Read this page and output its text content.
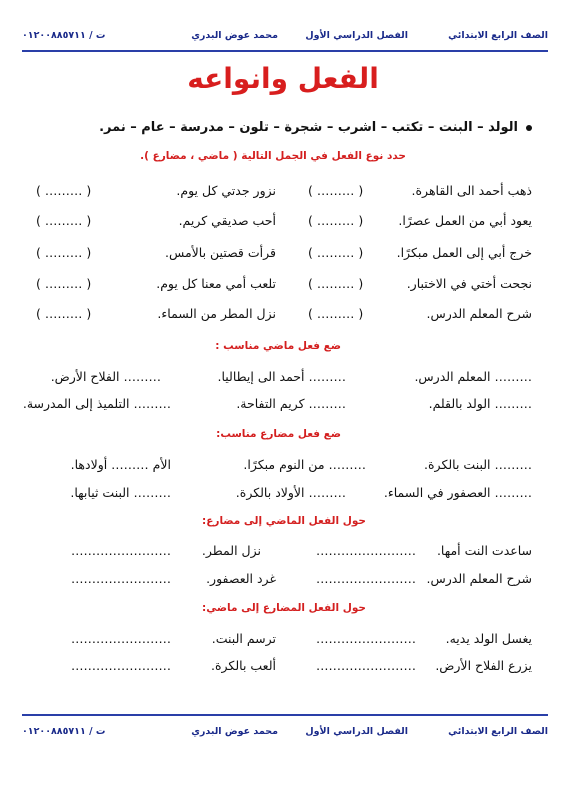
الصف الرابع الابتدائي
الفصل الدراسي الأول
محمد عوض البدري
ت / ٠١٢٠٠٨٨٥٧١١
الفعل وانواعه
الولد – البنت – تكتب – اشرب – شجرة – تلون – مدرسة – عام – نمر.
حدد نوع الفعل في الجمل التالية ( ماضي ، مضارع ).
ذهب أحمد الى القاهرة.
( ……… )
نزور جدتي كل يوم.
( ……… )
يعود أبي من العمل عصرًا.
( ……… )
أحب صديقي كريم.
( ……… )
خرج أبي إلى العمل مبكرًا.
( ……… )
قرأت قصتين بالأمس.
( ……… )
نجحت أختي في الاختبار.
( ……… )
تلعب أمي معنا كل يوم.
( ……… )
شرح المعلم الدرس.
( ……… )
نزل المطر من السماء.
( ……… )
ضع فعل ماضي مناسب :
……… المعلم الدرس.
……… أحمد الى إيطاليا.
……… الفلاح الأرض.
……… الولد بالقلم.
……… كريم التفاحة.
……… التلميذ إلى المدرسة.
ضع فعل مضارع مناسب:
……… البنت بالكرة.
……… من النوم مبكرًا.
الأم ……… أولادها.
……… العصفور في السماء.
……… الأولاد بالكرة.
……… البنت ثيابها.
حول الفعل الماضي إلى مضارع:
ساعدت النت أمها.
……………………
نزل المطر.
……………………
شرح المعلم الدرس.
……………………
غرد العصفور.
……………………
حول الفعل المضارع إلى ماضي:
يغسل الولد يديه.
……………………
ترسم البنت.
……………………
يزرع الفلاح الأرض.
……………………
ألعب بالكرة.
……………………
الصف الرابع الابتدائي
الفصل الدراسي الأول
محمد عوض البدري
ت / ٠١٢٠٠٨٨٥٧١١
